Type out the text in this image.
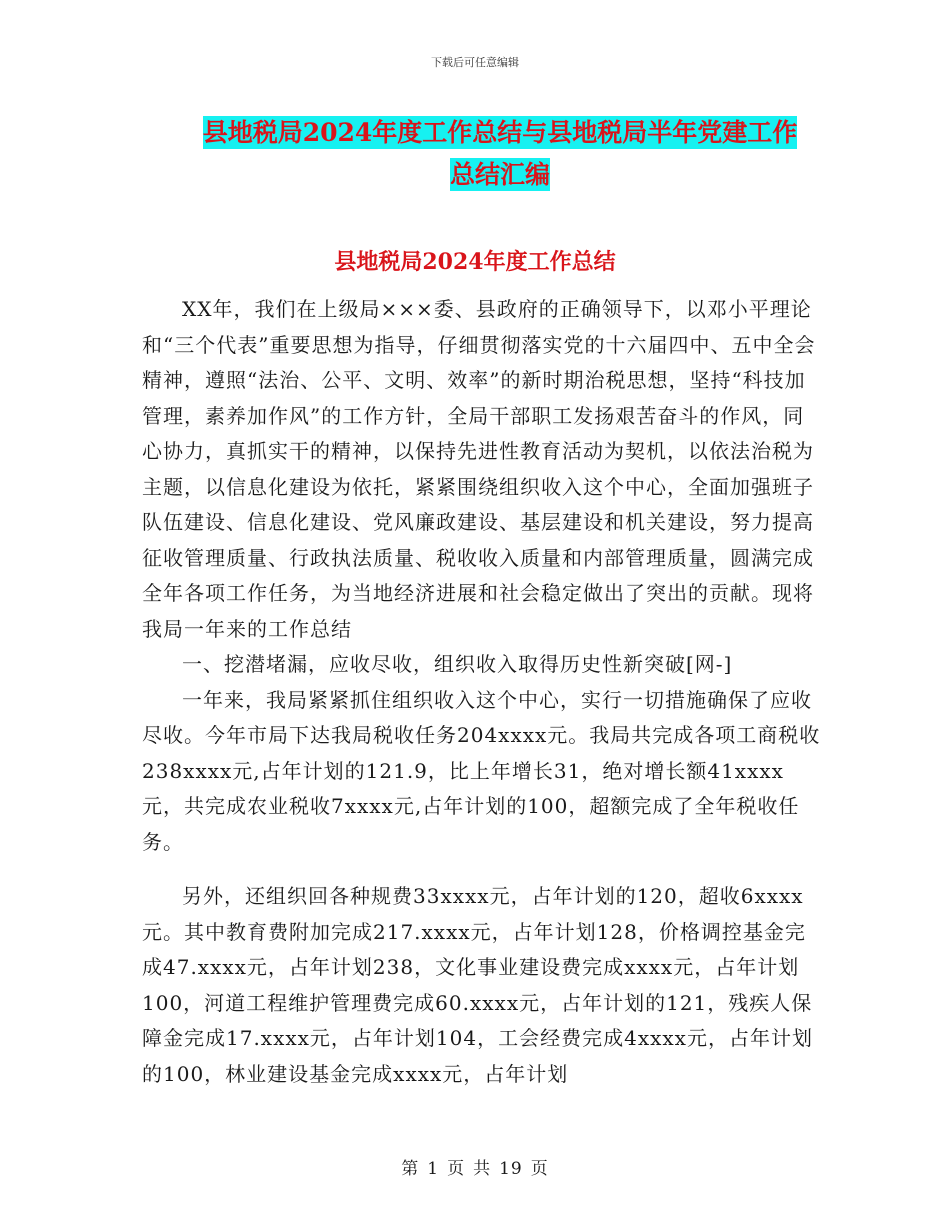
下载后可任意编辑
县地税局2024年度工作总结与县地税局半年党建工作
总结汇编
县地税局2024年度工作总结

XX年，我们在上级局×××委、县政府的正确领导下，以邓小平理论和“三个代表”重要思想为指导，仔细贯彻落实党的十六届四中、五中全会精神，遵照“法治、公平、文明、效率”的新时期治税思想，坚持“科技加管理，素养加作风”的工作方针，全局干部职工发扬艰苦奋斗的作风，同心协力，真抓实干的精神，以保持先进性教育活动为契机，以依法治税为主题，以信息化建设为依托，紧紧围绕组织收入这个中心，全面加强班子队伍建设、信息化建设、党风廉政建设、基层建设和机关建设，努力提高征收管理质量、行政执法质量、税收收入质量和内部管理质量，圆满完成全年各项工作任务，为当地经济进展和社会稳定做出了突出的贡献。现将我局一年来的工作总结

一、挖潜堵漏，应收尽收，组织收入取得历史性新突破[网-]

一年来，我局紧紧抓住组织收入这个中心，实行一切措施确保了应收尽收。今年市局下达我局税收任务204xxxx元。我局共完成各项工商税收238xxxx元,占年计划的121.9，比上年增长31，绝对增长额41xxxx元，共完成农业税收7xxxx元,占年计划的100，超额完成了全年税收任务。

另外，还组织回各种规费33xxxx元，占年计划的120，超收6xxxx元。其中教育费附加完成217.xxxx元，占年计划128，价格调控基金完成47.xxxx元，占年计划238，文化事业建设费完成xxxx元，占年计划100，河道工程维护管理费完成60.xxxx元，占年计划的121，残疾人保障金完成17.xxxx元，占年计划104，工会经费完成4xxxx元，占年计划的100，林业建设基金完成xxxx元，占年计划

第 1 页 共 19 页
